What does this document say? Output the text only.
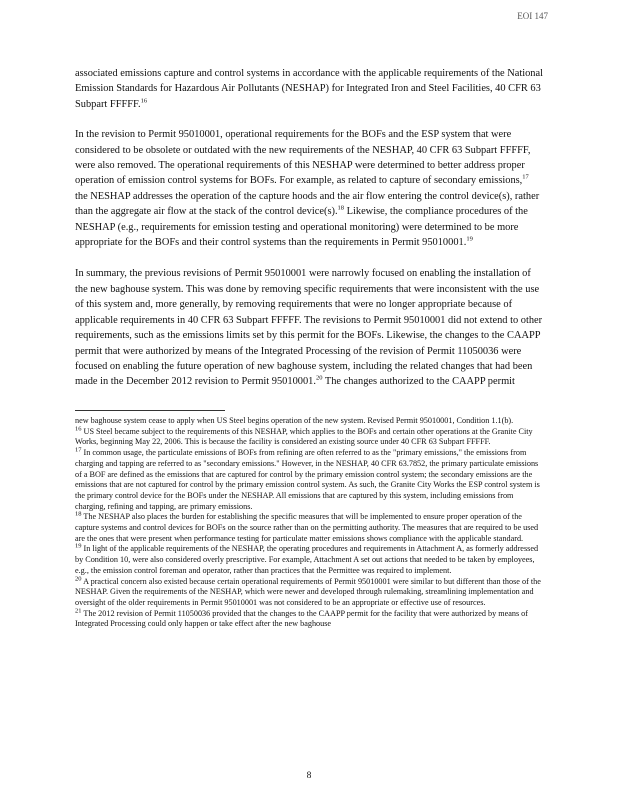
EOI 147

associated emissions capture and control systems in accordance with the applicable requirements of the National Emission Standards for Hazardous Air Pollutants (NESHAP) for Integrated Iron and Steel Facilities, 40 CFR 63 Subpart FFFFF.$^{16}$

In the revision to Permit 95010001, operational requirements for the BOFs and the ESP system that were considered to be obsolete or outdated with the new requirements of the NESHAP, 40 CFR 63 Subpart FFFFF, were also removed. The operational requirements of this NESHAP were determined to better address proper operation of emission control systems for BOFs. For example, as related to capture of secondary emissions,$^{17}$ the NESHAP addresses the operation of the capture hoods and the air flow entering the control device(s), rather than the aggregate air flow at the stack of the control device(s).$^{18}$ Likewise, the compliance procedures of the NESHAP (e.g., requirements for emission testing and operational monitoring) were determined to be more appropriate for the BOFs and their control systems than the requirements in Permit 95010001.19

In summary, the previous revisions of Permit 95010001 were narrowly focused on enabling the installation of the new baghouse system. This was done by removing specific requirements that were inconsistent with the use of this system and, more generally, by removing requirements that were no longer appropriate because of applicable requirements in 40 CFR 63 Subpart FFFFF. The revisions to Permit 95010001 did not extend to other requirements, such as the emissions limits set by this permit for the BOFs. Likewise, the changes to the CAAPP permit that were authorized by means of the Integrated Processing of the revision of Permit 11050036 were focused on enabling the future operation of new baghouse system, including the related changes that had been made in the December 2012 revision to Permit 95010001.20 The changes authorized to the CAAPP permit

new baghouse system cease to apply when US Steel begins operation of the new system. Revised Permit 95010001, Condition 1.1(b).

$^{16}$ US Steel became subject to the requirements of this NESHAP, which applies to the BOFs and certain other operations at the Granite City Works, beginning May 22, 2006. This is because the facility is considered an existing source under 40 CFR 63 Subpart FFFFF.

$^{17}$ In common usage, the particulate emissions of BOFs from refining are often referred to as the "primary emissions," the emissions from charging and tapping are referred to as "secondary emissions." However, in the NESHAP, 40 CFR 63.7852, the primary particulate emissions of a BOF are defined as the emissions that are captured for control by the primary emission control system; the secondary emissions are the emissions that are not captured for control by the primary emission control system. As such, the Granite City Works the ESP control system is the primary control device for the BOFs under the NESHAP. All emissions that are captured by this system, including emissions from charging, refining and tapping, are primary emissions.

$^{18}$ The NESHAP also places the burden for establishing the specific measures that will be implemented to ensure proper operation of the capture systems and control devices for BOFs on the source rather than on the permitting authority. The measures that are required to be used are the ones that were present when performance testing for particulate matter emissions shows compliance with the applicable standard.

$^{19}$ In light of the applicable requirements of the NESHAP, the operating procedures and requirements in Attachment A, as formerly addressed by Condition 10, were also considered overly prescriptive. For example, Attachment A set out actions that needed to be taken by employees, e.g., the emission control foreman and operator, rather than practices that the Permittee was required to implement.

$^{20}$ A practical concern also existed because certain operational requirements of Permit 95010001 were similar to but different than those of the NESHAP. Given the requirements of the NESHAP, which were newer and developed through rulemaking, streamlining implementation and oversight of the older requirements in Permit 95010001 was not considered to be an appropriate or effective use of resources.

$^{21}$ The 2012 revision of Permit 11050036 provided that the changes to the CAAPP permit for the facility that were authorized by means of Integrated Processing could only happen or take effect after the new baghouse

8
